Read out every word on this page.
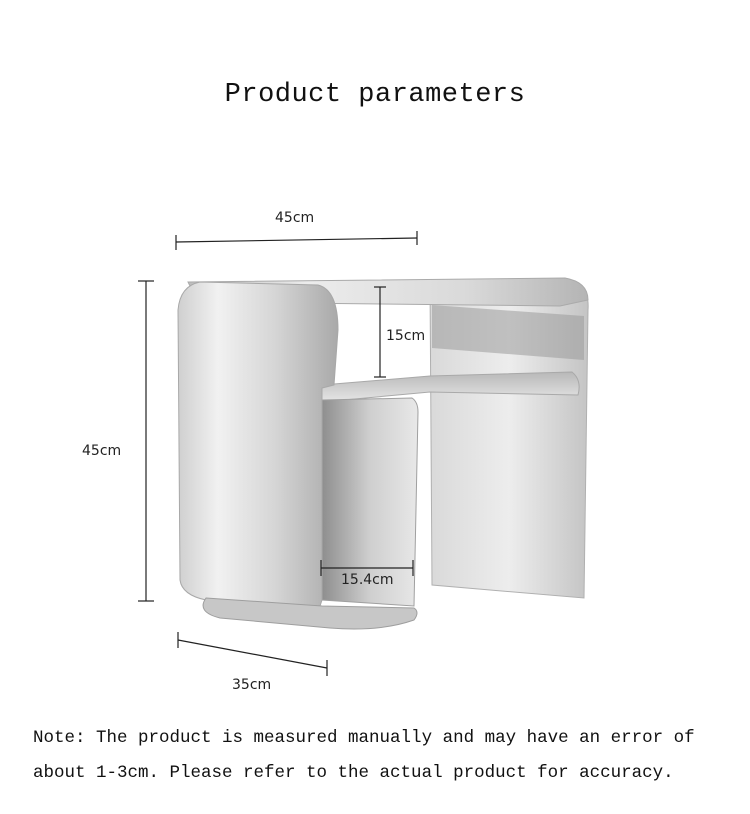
Product parameters
45cm
45cm
15cm
15.4cm
35cm
Note: The product is measured manually and may have an error of
about 1-3cm. Please refer to the actual product for accuracy.
